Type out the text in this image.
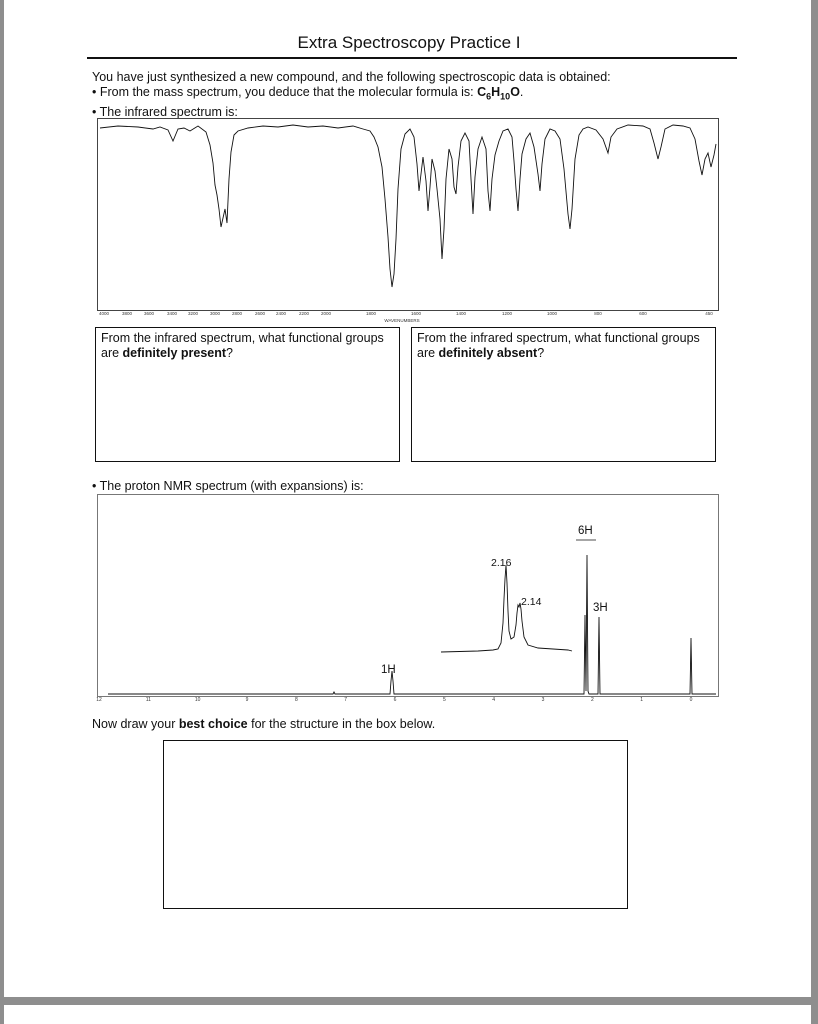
Extra Spectroscopy Practice I
You have just synthesized a new compound, and the following spectroscopic data is obtained:
• From the mass spectrum, you deduce that the molecular formula is: $C_6H_{10}O$.
• The infrared spectrum is:
4000	3800	3600	3400 3200	3000	2800	2600 2400	2200	2000	1800	1600	1400	1200	1000	800	600	450
WAVENUMBERS
From the infrared spectrum, what functional groups are definitely present?
From the infrared spectrum, what functional groups are definitely absent?
• The proton NMR spectrum (with expansions) is:
6H
3H
1H
2.16
2.14
12	11	10	9	8	7	6	5	4	3	2	1	0
Now draw your best choice for the structure in the box below.
